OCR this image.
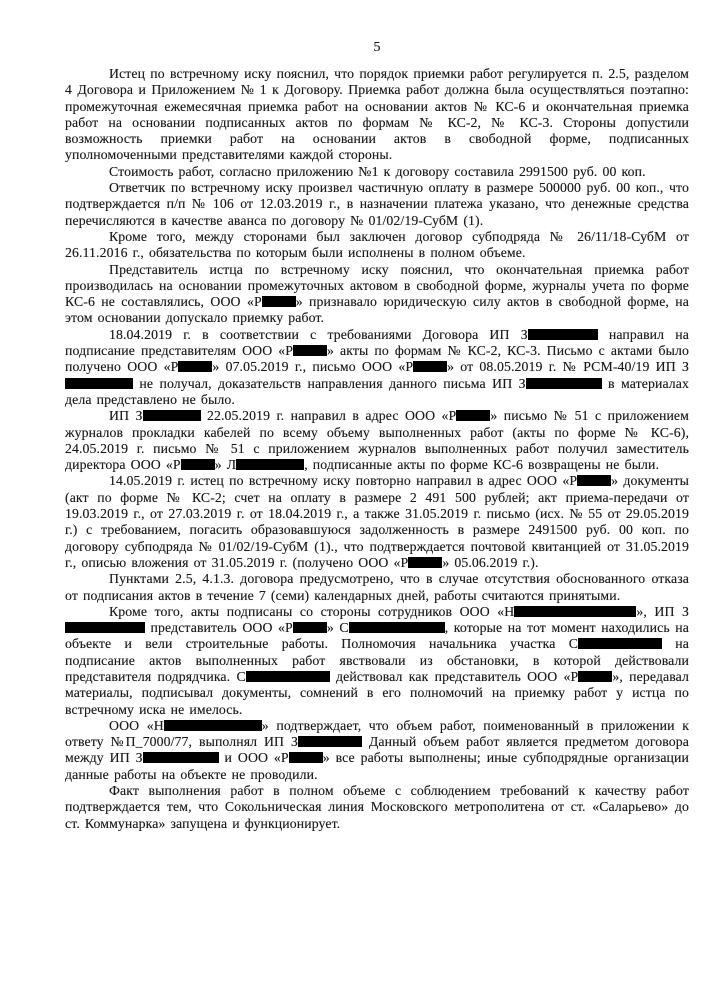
5

Истец по встречному иску пояснил, что порядок приемки работ регулируется п. 2.5, разделом 4 Договора и Приложением № 1 к Договору. Приемка работ должна была осуществляться поэтапно: промежуточная ежемесячная приемка работ на основании актов № КС-6 и окончательная приемка работ на основании подписанных актов по формам № КС-2, № КС-3. Стороны допустили возможность приемки работ на основании актов в свободной форме, подписанных уполномоченными представителями каждой стороны.

Стоимость работ, согласно приложению №1 к договору составила 2991500 руб. 00 коп.

Ответчик по встречному иску произвел частичную оплату в размере 500000 руб. 00 коп., что подтверждается п/п № 106 от 12.03.2019 г., в назначении платежа указано, что денежные средства перечисляются в качестве аванса по договору № 01/02/19-СубМ (1).

Кроме того, между сторонами был заключен договор субподряда № 26/11/18-СубМ от 26.11.2016 г., обязательства по которым были исполнены в полном объеме.

Представитель истца по встречному иску пояснил, что окончательная приемка работ производилась на основании промежуточных актовом в свободной форме, журналы учета по форме КС-6 не составлялись, ООО «Р » признавало юридическую силу актов в свободной форме, на этом основании допускало приемку работ.

18.04.2019 г. в соответствии с требованиями Договора ИП З	направил на подписание представителям ООО «Р » акты по формам № КС-2, КС-3. Письмо с актами было получено ООО «Р » 07.05.2019 г., письмо ООО «Р » от 08.05.2019 г. № РСМ-40/19 ИП З не получал, доказательств направления данного письма ИП З	в материалах дела представлено не было.

ИП З	22.05.2019 г. направил в адрес ООО «Р » письмо № 51 с приложением журналов прокладки кабелей по всему объему выполненных работ (акты по форме № КС-6), 24.05.2019 г. письмо № 51 с приложением журналов выполненных работ получил заместитель директора ООО «Р » Л	, подписанные акты по форме КС-6 возвращены не были.

14.05.2019 г. истец по встречному иску повторно направил в адрес ООО «Р » документы (акт по форме № КС-2; счет на оплату в размере 2 491 500 рублей; акт приема-передачи от 19.03.2019 г., от 27.03.2019 г. от 18.04.2019 г., а также 31.05.2019 г. письмо (исх. № 55 от 29.05.2019 г.) с требованием, погасить образовавшуюся задолженность в размере 2491500 руб. 00 коп. по договору субподряда № 01/02/19-СубМ (1)., что подтверждается почтовой квитанцией от 31.05.2019 г., описью вложения от 31.05.2019 г. (получено ООО «Р » 05.06.2019 г.).

Пунктами 2.5, 4.1.3. договора предусмотрено, что в случае отсутствия обоснованного отказа от подписания актов в течение 7 (семи) календарных дней, работы считаются принятыми.

Кроме того, акты подписаны со стороны сотрудников ООО «Н	», ИП З представитель ООО «Р » С	, которые на тот момент находились на объекте и вели строительные работы. Полномочия начальника участка С	на подписание актов выполненных работ явствовали из обстановки, в которой действовали представителя подрядчика. С	действовал как представитель ООО «Р », передавал материалы, подписывал документы, сомнений в его полномочий на приемку работ у истца по встречному иска не имелось.

ООО «Н	» подтверждает, что объем работ, поименованный в приложении к ответу №П_7000/77, выполнял ИП З	Данный объем работ является предметом договора между ИП З	и ООО «Р » все работы выполнены; иные субподрядные организации данные работы на объекте не проводили.

Факт выполнения работ в полном объеме с соблюдением требований к качеству работ подтверждается тем, что Сокольническая линия Московского метрополитена от ст. «Саларьево» до ст. Коммунарка» запущена и функционирует.
